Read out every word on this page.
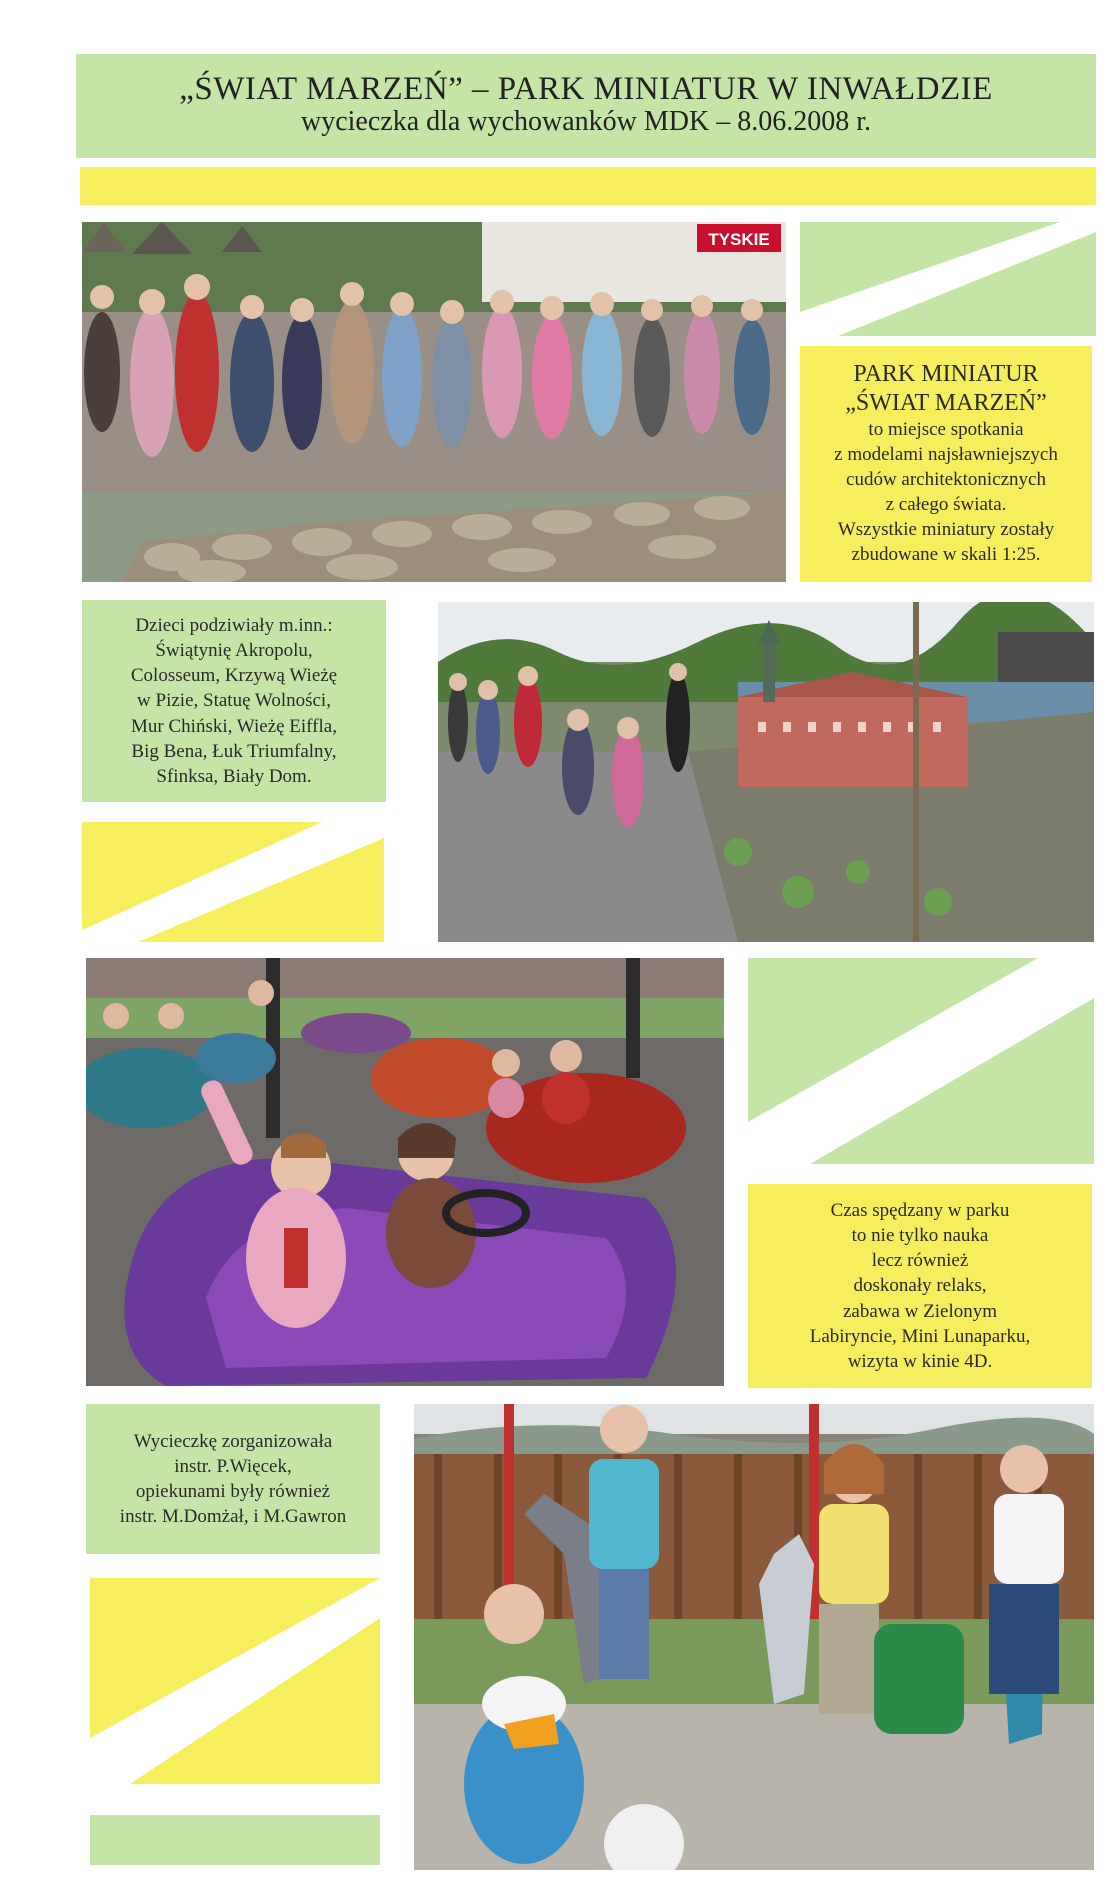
„ŚWIAT MARZEŃ” – PARK MINIATUR W INWAŁDZIE
wycieczka dla wychowanków MDK – 8.06.2008 r.
TYSKIE
PARK MINIATUR
„ŚWIAT MARZEŃ”
to miejsce spotkania
z modelami najsławniejszych
cudów architektonicznych
z całego świata.
Wszystkie miniatury zostały
zbudowane w skali 1:25.
Dzieci podziwiały m.inn.:
Świątynię Akropolu,
Colosseum, Krzywą Wieżę
w Pizie, Statuę Wolności,
Mur Chiński, Wieżę Eiffla,
Big Bena, Łuk Triumfalny,
Sfinksa, Biały Dom.
Czas spędzany w parku
to nie tylko nauka
lecz również
doskonały relaks,
zabawa w Zielonym
Labiryncie, Mini Lunaparku,
wizyta w kinie 4D.
Wycieczkę zorganizowała
instr. P.Więcek,
opiekunami były również
instr. M.Domżał, i M.Gawron
